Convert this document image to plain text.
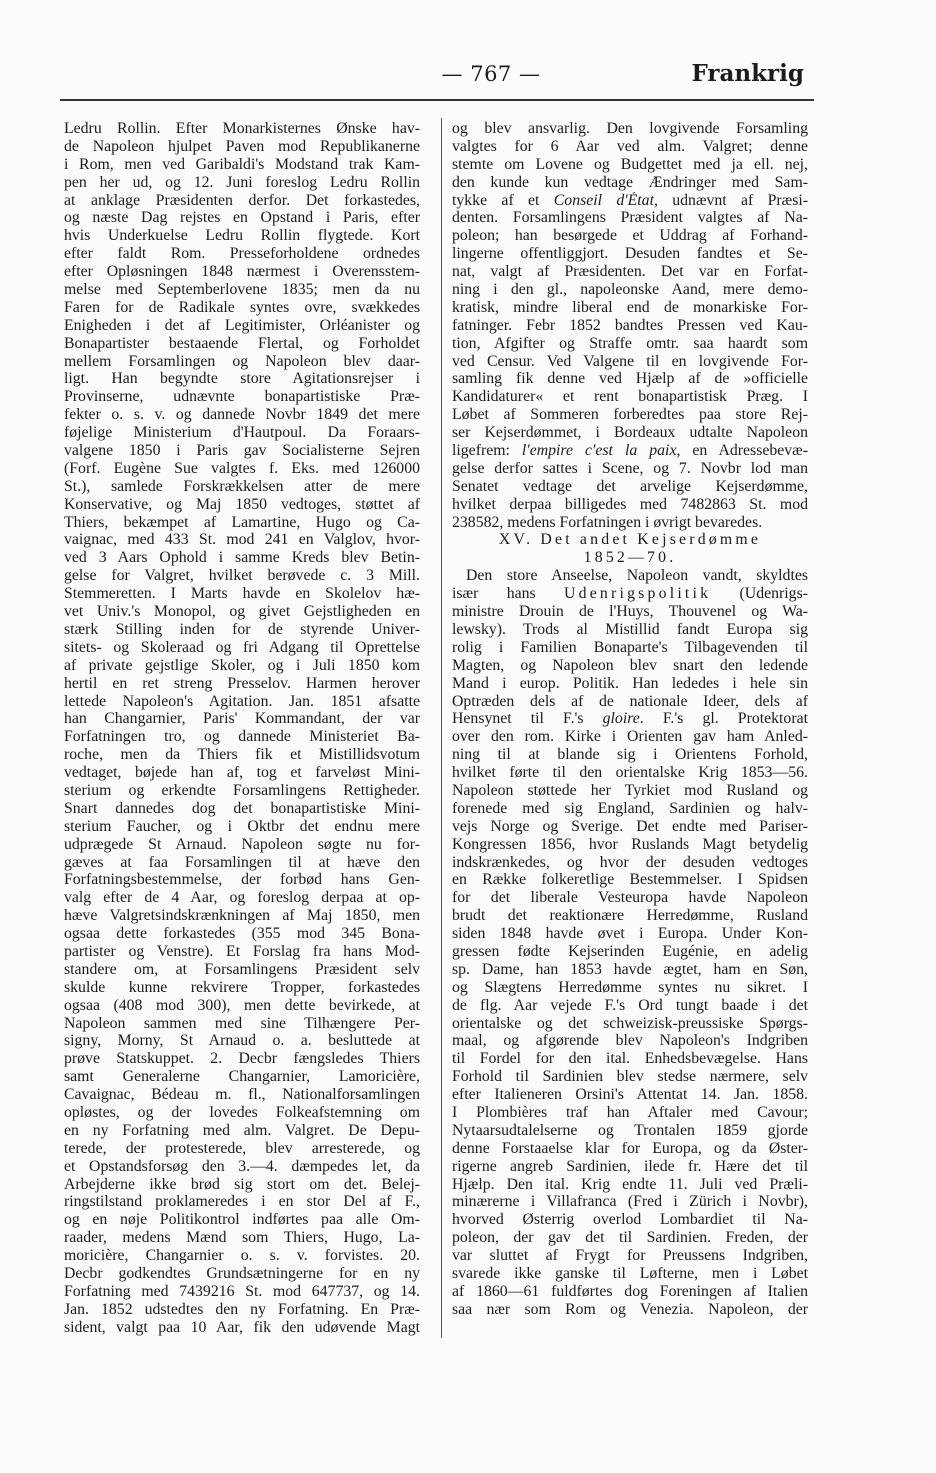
— 767 —	Frankrig
Ledru Rollin. Efter Monarkisternes Ønske hav-
de Napoleon hjulpet Paven mod Republikanerne
i Rom, men ved Garibaldi's Modstand trak Kam-
pen her ud, og 12. Juni foreslog Ledru Rollin
at anklage Præsidenten derfor. Det forkastedes,
og næste Dag rejstes en Opstand i Paris, efter
hvis Underkuelse Ledru Rollin flygtede. Kort
efter faldt Rom. Presseforholdene ordnedes
efter Opløsningen 1848 nærmest i Overensstem-
melse med Septemberlovene 1835; men da nu
Faren for de Radikale syntes ovre, svækkedes
Enigheden i det af Legitimister, Orléanister og
Bonapartister bestaaende Flertal, og Forholdet
mellem Forsamlingen og Napoleon blev daar-
ligt. Han begyndte store Agitationsrejser i
Provinserne, udnævnte bonapartistiske Præ-
fekter o. s. v. og dannede Novbr 1849 det mere
føjelige Ministerium d'Hautpoul. Da Foraars-
valgene 1850 i Paris gav Socialisterne Sejren
(Forf. Eugène Sue valgtes f. Eks. med 126000
St.), samlede Forskrækkelsen atter de mere
Konservative, og Maj 1850 vedtoges, støttet af
Thiers, bekæmpet af Lamartine, Hugo og Ca-
vaignac, med 433 St. mod 241 en Valglov, hvor-
ved 3 Aars Ophold i samme Kreds blev Betin-
gelse for Valgret, hvilket berøvede c. 3 Mill.
Stemmeretten. I Marts havde en Skolelov hæ-
vet Univ.'s Monopol, og givet Gejstligheden en
stærk Stilling inden for de styrende Univer-
sitets- og Skoleraad og fri Adgang til Oprettelse
af private gejstlige Skoler, og i Juli 1850 kom
hertil en ret streng Presselov. Harmen herover
lettede Napoleon's Agitation. Jan. 1851 afsatte
han Changarnier, Paris' Kommandant, der var
Forfatningen tro, og dannede Ministeriet Ba-
roche, men da Thiers fik et Mistillidsvotum
vedtaget, bøjede han af, tog et farveløst Mini-
sterium og erkendte Forsamlingens Rettigheder.
Snart dannedes dog det bonapartistiske Mini-
sterium Faucher, og i Oktbr det endnu mere
udprægede St Arnaud. Napoleon søgte nu for-
gæves at faa Forsamlingen til at hæve den
Forfatningsbestemmelse, der forbød hans Gen-
valg efter de 4 Aar, og foreslog derpaa at op-
hæve Valgretsindskrænkningen af Maj 1850, men
ogsaa dette forkastedes (355 mod 345 Bona-
partister og Venstre). Et Forslag fra hans Mod-
standere om, at Forsamlingens Præsident selv
skulde kunne rekvirere Tropper, forkastedes
ogsaa (408 mod 300), men dette bevirkede, at
Napoleon sammen med sine Tilhængere Per-
signy, Morny, St Arnaud o. a. besluttede at
prøve Statskuppet. 2. Decbr fængsledes Thiers
samt Generalerne Changarnier, Lamoricière,
Cavaignac, Bédeau m. fl., Nationalforsamlingen
opløstes, og der lovedes Folkeafstemning om
en ny Forfatning med alm. Valgret. De Depu-
terede, der protesterede, blev arresterede, og
et Opstandsforsøg den 3.—4. dæmpedes let, da
Arbejderne ikke brød sig stort om det. Belej-
ringstilstand proklameredes i en stor Del af F.,
og en nøje Politikontrol indførtes paa alle Om-
raader, medens Mænd som Thiers, Hugo, La-
moricière, Changarnier o. s. v. forvistes. 20.
Decbr godkendtes Grundsætningerne for en ny
Forfatning med 7439216 St. mod 647737, og 14.
Jan. 1852 udstedtes den ny Forfatning. En Præ-
sident, valgt paa 10 Aar, fik den udøvende Magt
og blev ansvarlig. Den lovgivende Forsamling
valgtes for 6 Aar ved alm. Valgret; denne
stemte om Lovene og Budgettet med ja ell. nej,
den kunde kun vedtage Ændringer med Sam-
tykke af et Conseil d'État, udnævnt af Præsi-
denten. Forsamlingens Præsident valgtes af Na-
poleon; han besørgede et Uddrag af Forhand-
lingerne offentliggjort. Desuden fandtes et Se-
nat, valgt af Præsidenten. Det var en Forfat-
ning i den gl., napoleonske Aand, mere demo-
kratisk, mindre liberal end de monarkiske For-
fatninger. Febr 1852 bandtes Pressen ved Kau-
tion, Afgifter og Straffe omtr. saa haardt som
ved Censur. Ved Valgene til en lovgivende For-
samling fik denne ved Hjælp af de »officielle
Kandidaturer« et rent bonapartistisk Præg. I
Løbet af Sommeren forberedtes paa store Rej-
ser Kejserdømmet, i Bordeaux udtalte Napoleon
ligefrem: l'empire c'est la paix, en Adressebevæ-
gelse derfor sattes i Scene, og 7. Novbr lod man
Senatet vedtage det arvelige Kejserdømme,
hvilket derpaa billigedes med 7482863 St. mod
238582, medens Forfatningen i øvrigt bevaredes.
XV. Det andet Kejserdømme
1852—70.
Den store Anseelse, Napoleon vandt, skyldtes
især hans Udenrigspolitik (Udenrigs-
ministre Drouin de l'Huys, Thouvenel og Wa-
lewsky). Trods al Mistillid fandt Europa sig
rolig i Familien Bonaparte's Tilbagevenden til
Magten, og Napoleon blev snart den ledende
Mand i europ. Politik. Han lededes i hele sin
Optræden dels af de nationale Ideer, dels af
Hensynet til F.'s gloire. F.'s gl. Protektorat
over den rom. Kirke i Orienten gav ham Anled-
ning til at blande sig i Orientens Forhold,
hvilket førte til den orientalske Krig 1853—56.
Napoleon støttede her Tyrkiet mod Rusland og
forenede med sig England, Sardinien og halv-
vejs Norge og Sverige. Det endte med Pariser-
Kongressen 1856, hvor Ruslands Magt betydelig
indskrænkedes, og hvor der desuden vedtoges
en Række folkeretlige Bestemmelser. I Spidsen
for det liberale Vesteuropa havde Napoleon
brudt det reaktionære Herredømme, Rusland
siden 1848 havde øvet i Europa. Under Kon-
gressen fødte Kejserinden Eugénie, en adelig
sp. Dame, han 1853 havde ægtet, ham en Søn,
og Slægtens Herredømme syntes nu sikret. I
de flg. Aar vejede F.'s Ord tungt baade i det
orientalske og det schweizisk-preussiske Spørgs-
maal, og afgørende blev Napoleon's Indgriben
til Fordel for den ital. Enhedsbevægelse. Hans
Forhold til Sardinien blev stedse nærmere, selv
efter Italieneren Orsini's Attentat 14. Jan. 1858.
I Plombières traf han Aftaler med Cavour;
Nytaarsudtalelserne og Trontalen 1859 gjorde
denne Forstaaelse klar for Europa, og da Øster-
rigerne angreb Sardinien, ilede fr. Hære det til
Hjælp. Den ital. Krig endte 11. Juli ved Præli-
minærerne i Villafranca (Fred i Zürich i Novbr),
hvorved Østerrig overlod Lombardiet til Na-
poleon, der gav det til Sardinien. Freden, der
var sluttet af Frygt for Preussens Indgriben,
svarede ikke ganske til Løfterne, men i Løbet
af 1860—61 fuldførtes dog Foreningen af Italien
saa nær som Rom og Venezia. Napoleon, der
